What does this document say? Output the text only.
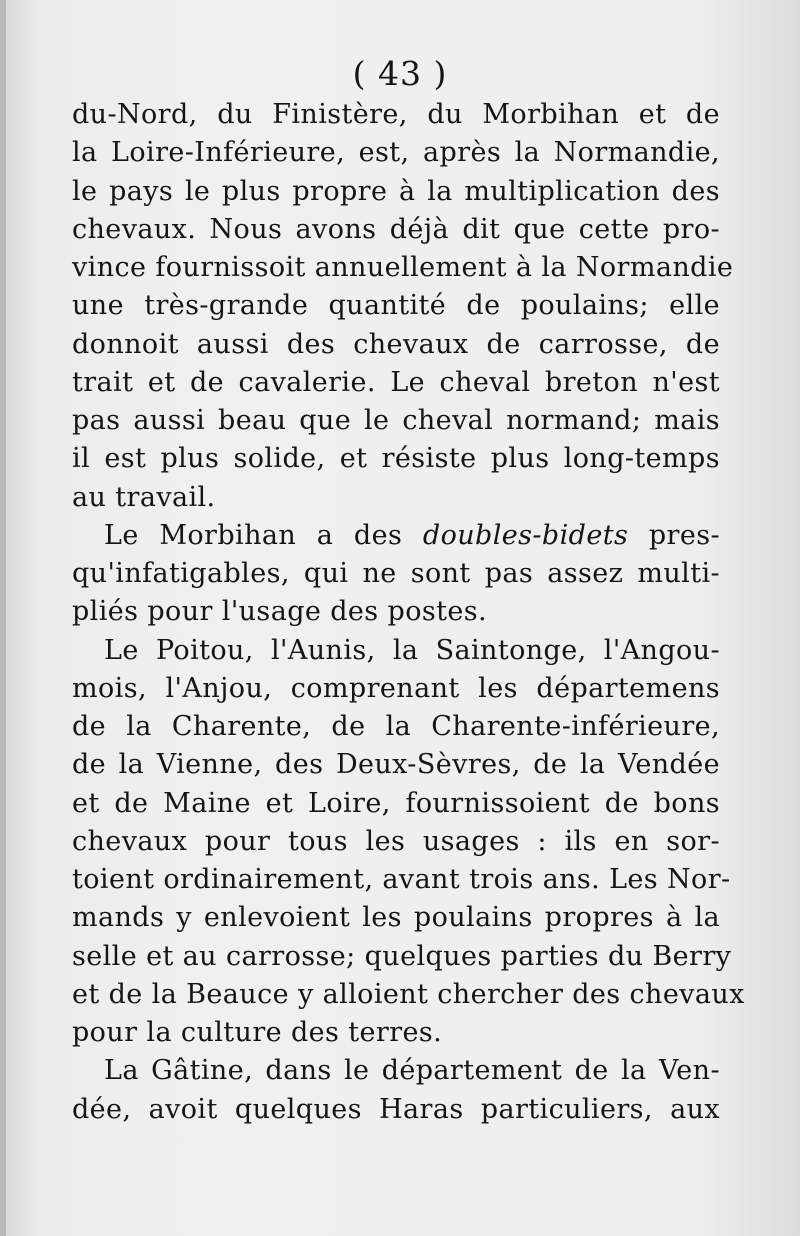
( 43 )
du-Nord, du Finistère, du Morbihan et de
la Loire-Inférieure, est, après la Normandie,
le pays le plus propre à la multiplication des
chevaux. Nous avons déjà dit que cette pro-
vince fournissoit annuellement à la Normandie
une très-grande quantité de poulains; elle
donnoit aussi des chevaux de carrosse, de
trait et de cavalerie. Le cheval breton n'est
pas aussi beau que le cheval normand; mais
il est plus solide, et résiste plus long-temps
au travail.
Le Morbihan a des doubles-bidets pres-
qu'infatigables, qui ne sont pas assez multi-
pliés pour l'usage des postes.
Le Poitou, l'Aunis, la Saintonge, l'Angou-
mois, l'Anjou, comprenant les départemens
de la Charente, de la Charente-inférieure,
de la Vienne, des Deux-Sèvres, de la Vendée
et de Maine et Loire, fournissoient de bons
chevaux pour tous les usages : ils en sor-
toient ordinairement, avant trois ans. Les Nor-
mands y enlevoient les poulains propres à la
selle et au carrosse; quelques parties du Berry
et de la Beauce y alloient chercher des chevaux
pour la culture des terres.
La Gâtine, dans le département de la Ven-
dée, avoit quelques Haras particuliers, aux
